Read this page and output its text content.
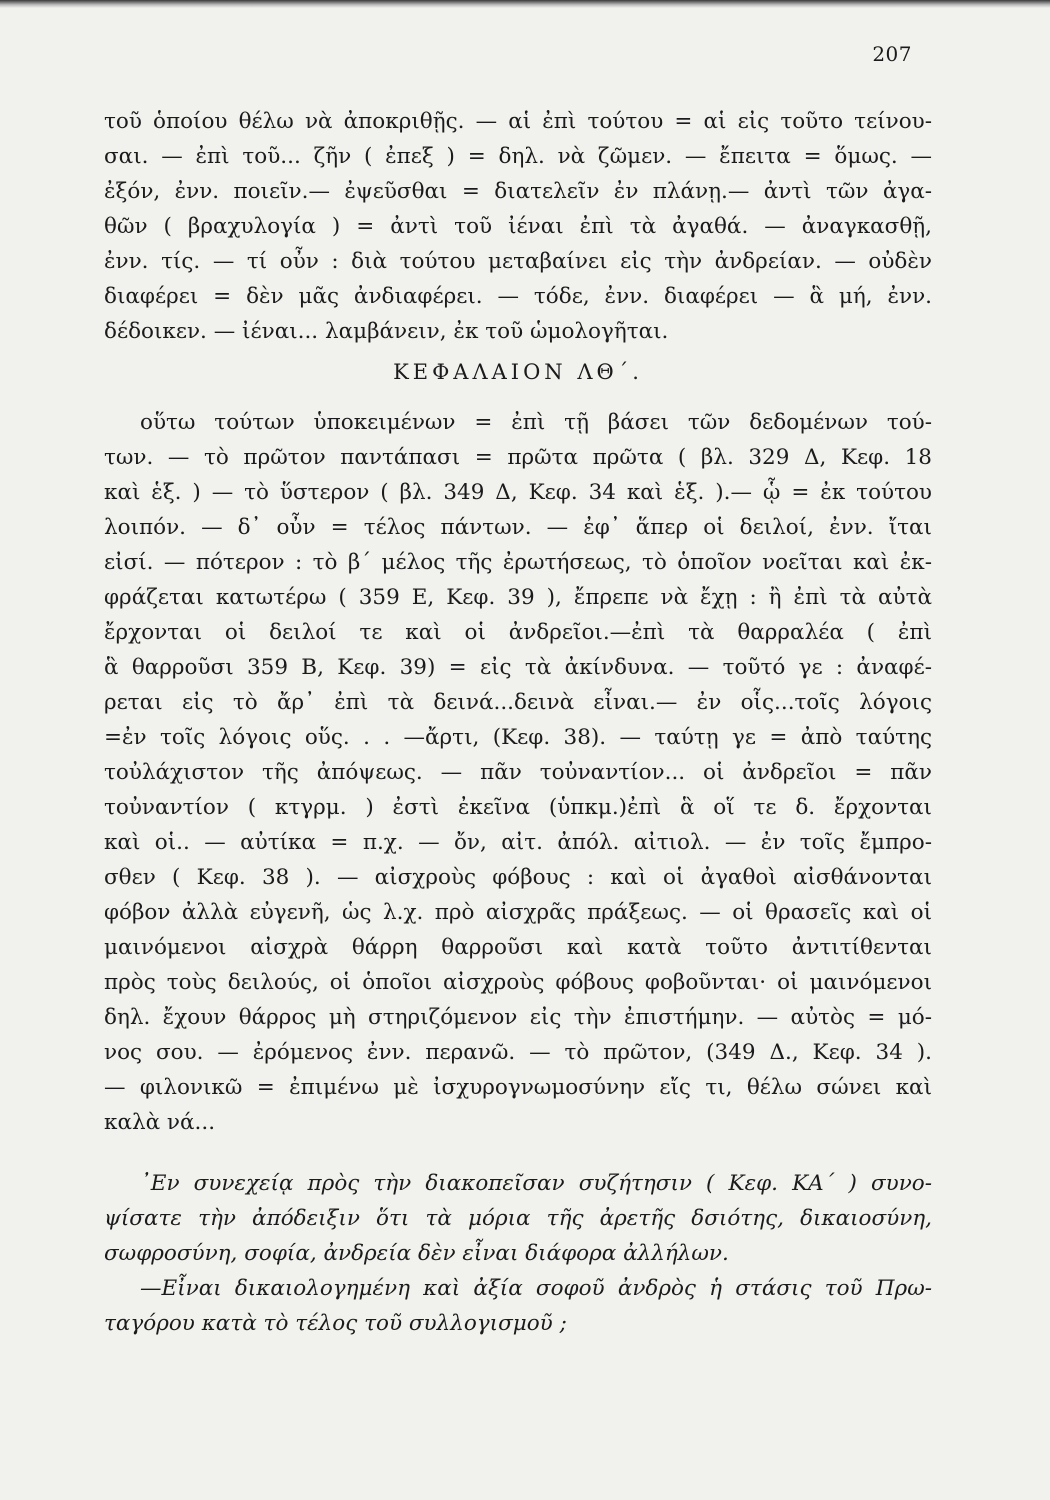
207
τοῦ ὁποίου θέλω νὰ ἀποκριθῇς. — αἱ ἐπὶ τούτου = αἱ εἰς τοῦτο τείνου-
σαι. — ἐπὶ τοῦ... ζῆν ( ἐπεξ ) = δηλ. νὰ ζῶμεν. — ἔπειτα = ὅμως. —
ἐξόν, ἐνν. ποιεῖν.— ἐψεῦσθαι = διατελεῖν ἐν πλάνῃ.— ἀντὶ τῶν ἀγα-
θῶν ( βραχυλογία ) = ἀντὶ τοῦ ἰέναι ἐπὶ τὰ ἀγαθά. — ἀναγκασθῇ,
ἐνν. τίς. — τί οὖν : διὰ τούτου μεταβαίνει εἰς τὴν ἀνδρείαν. — οὐδὲν
διαφέρει = δὲν μᾶς ἀνδιαφέρει. — τόδε, ἐνν. διαφέρει — ἃ μή, ἐνν.
δέδοικεν. — ἰέναι... λαμβάνειν, ἐκ τοῦ ὡμολογῆται.
ΚΕΦΑΛΑΙΟΝ ΛΘ΄.
οὕτω τούτων ὑποκειμένων = ἐπὶ τῇ βάσει τῶν δεδομένων τού-
των. — τὸ πρῶτον παντάπασι = πρῶτα πρῶτα ( βλ. 329 Δ, Κεφ. 18
καὶ ἑξ. ) — τὸ ὕστερον ( βλ. 349 Δ, Κεφ. 34 καὶ ἑξ. ).— ᾧ = ἐκ τούτου
λοιπόν. — δ᾽ οὖν = τέλος πάντων. — ἐφ᾽ ἅπερ οἱ δειλοί, ἐνν. ἴται
εἰσί. — πότερον : τὸ β΄ μέλος τῆς ἐρωτήσεως, τὸ ὁποῖον νοεῖται καὶ ἐκ-
φράζεται κατωτέρω ( 359 Ε, Κεφ. 39 ), ἔπρεπε νὰ ἔχῃ : ἢ ἐπὶ τὰ αὐτὰ
ἔρχονται οἱ δειλοί τε καὶ οἱ ἀνδρεῖοι.—ἐπὶ τὰ θαρραλέα ( ἐπὶ
ἃ θαρροῦσι 359 Β, Κεφ. 39) = εἰς τὰ ἀκίνδυνα. — τοῦτό γε : ἀναφέ-
ρεται εἰς τὸ ἄρ᾽ ἐπὶ τὰ δεινά...δεινὰ εἶναι.— ἐν οἷς...τοῖς λόγοις
=ἐν τοῖς λόγοις οὕς. . . —ἄρτι, (Κεφ. 38). — ταύτῃ γε = ἀπὸ ταύτης
τοὐλάχιστον τῆς ἀπόψεως. — πᾶν τοὐναντίον... οἱ ἀνδρεῖοι = πᾶν
τοὐναντίον ( κτγρμ. ) ἐστὶ ἐκεῖνα (ὑπκμ.)ἐπὶ ἃ οἵ τε δ. ἔρχονται
καὶ οἱ.. — αὐτίκα = π.χ. — ὄν, αἰτ. ἀπόλ. αἰτιολ. — ἐν τοῖς ἔμπρο-
σθεν ( Κεφ. 38 ). — αἰσχροὺς φόβους : καὶ οἱ ἀγαθοὶ αἰσθάνονται
φόβον ἀλλὰ εὐγενῆ, ὡς λ.χ. πρὸ αἰσχρᾶς πράξεως. — οἱ θρασεῖς καὶ οἱ
μαινόμενοι αἰσχρὰ θάρρη θαρροῦσι καὶ κατὰ τοῦτο ἀντιτίθενται
πρὸς τοὺς δειλούς, οἱ ὁποῖοι αἰσχροὺς φόβους φοβοῦνται· οἱ μαινόμενοι
δηλ. ἔχουν θάρρος μὴ στηριζόμενον εἰς τὴν ἐπιστήμην. — αὐτὸς = μό-
νος σου. — ἐρόμενος ἐνν. περανῶ. — τὸ πρῶτον, (349 Δ., Κεφ. 34 ).
— φιλονικῶ = ἐπιμένω μὲ ἰσχυρογνωμοσύνην εἴς τι, θέλω σώνει καὶ
καλὰ νά...
᾿Εν συνεχείᾳ πρὸς τὴν διακοπεῖσαν συζήτησιν ( Κεφ. ΚΑ΄ ) συνο-
ψίσατε τὴν ἀπόδειξιν ὅτι τὰ μόρια τῆς ἀρετῆς δσιότης, δικαιοσύνη,
σωφροσύνη, σοφία, ἀνδρεία δὲν εἶναι διάφορα ἀλλήλων.
—Εἶναι δικαιολογημένη καὶ ἀξία σοφοῦ ἀνδρὸς ἡ στάσις τοῦ Πρω-
ταγόρου κατὰ τὸ τέλος τοῦ συλλογισμοῦ ;
